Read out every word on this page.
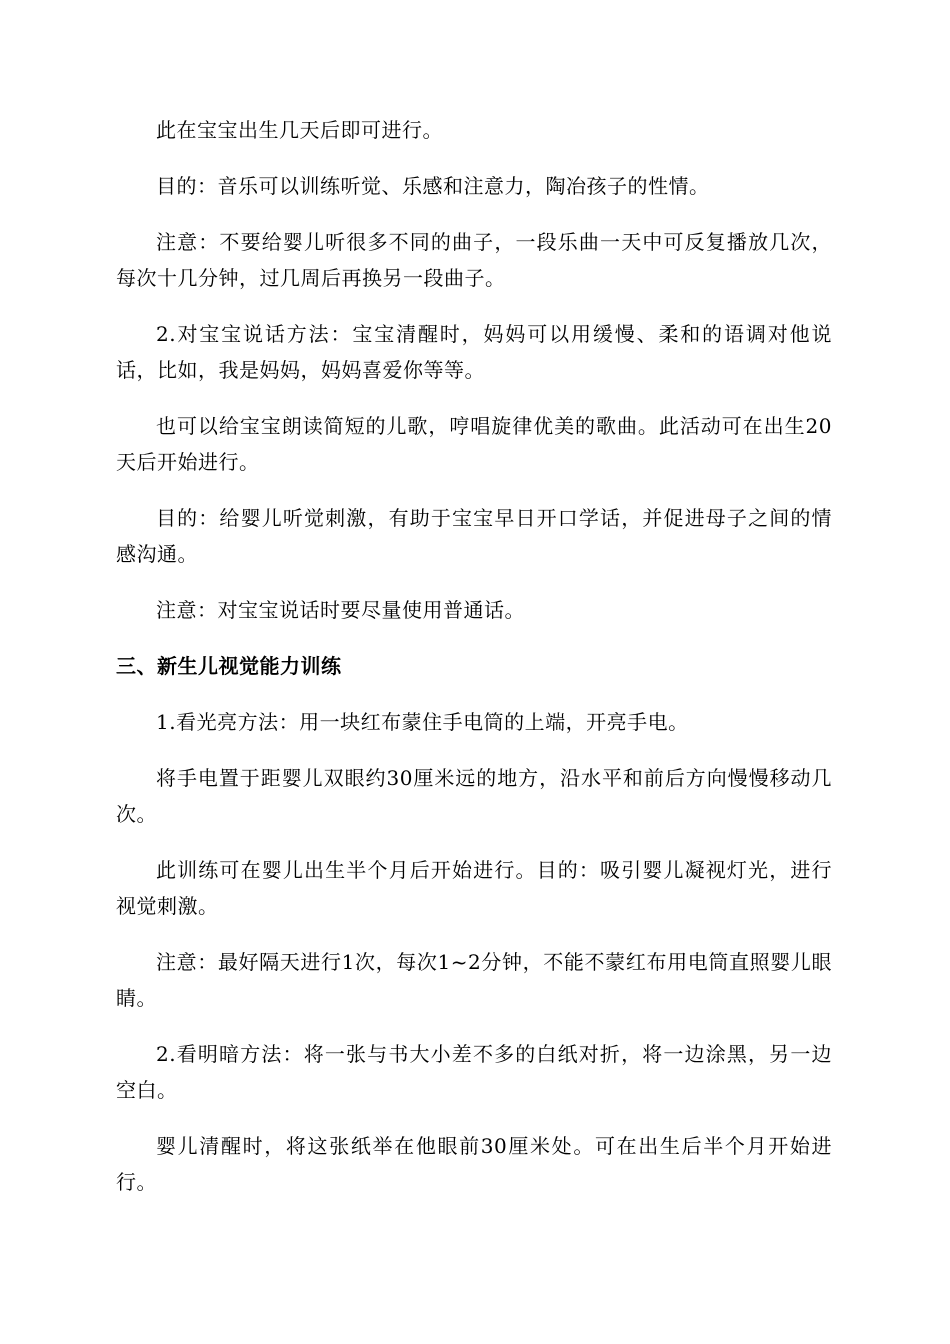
此在宝宝出生几天后即可进行。

目的：音乐可以训练听觉、乐感和注意力，陶冶孩子的性情。

注意：不要给婴儿听很多不同的曲子，一段乐曲一天中可反复播放几次，每次十几分钟，过几周后再换另一段曲子。

2.对宝宝说话方法：宝宝清醒时，妈妈可以用缓慢、柔和的语调对他说话，比如，我是妈妈，妈妈喜爱你等等。

也可以给宝宝朗读简短的儿歌，哼唱旋律优美的歌曲。此活动可在出生20天后开始进行。

目的：给婴儿听觉刺激，有助于宝宝早日开口学话，并促进母子之间的情感沟通。

注意：对宝宝说话时要尽量使用普通话。

三、新生儿视觉能力训练

1.看光亮方法：用一块红布蒙住手电筒的上端，开亮手电。

将手电置于距婴儿双眼约30厘米远的地方，沿水平和前后方向慢慢移动几次。

此训练可在婴儿出生半个月后开始进行。目的：吸引婴儿凝视灯光，进行视觉刺激。

注意：最好隔天进行1次，每次1~2分钟，不能不蒙红布用电筒直照婴儿眼睛。

2.看明暗方法：将一张与书大小差不多的白纸对折，将一边涂黑，另一边空白。

婴儿清醒时，将这张纸举在他眼前30厘米处。可在出生后半个月开始进行。
